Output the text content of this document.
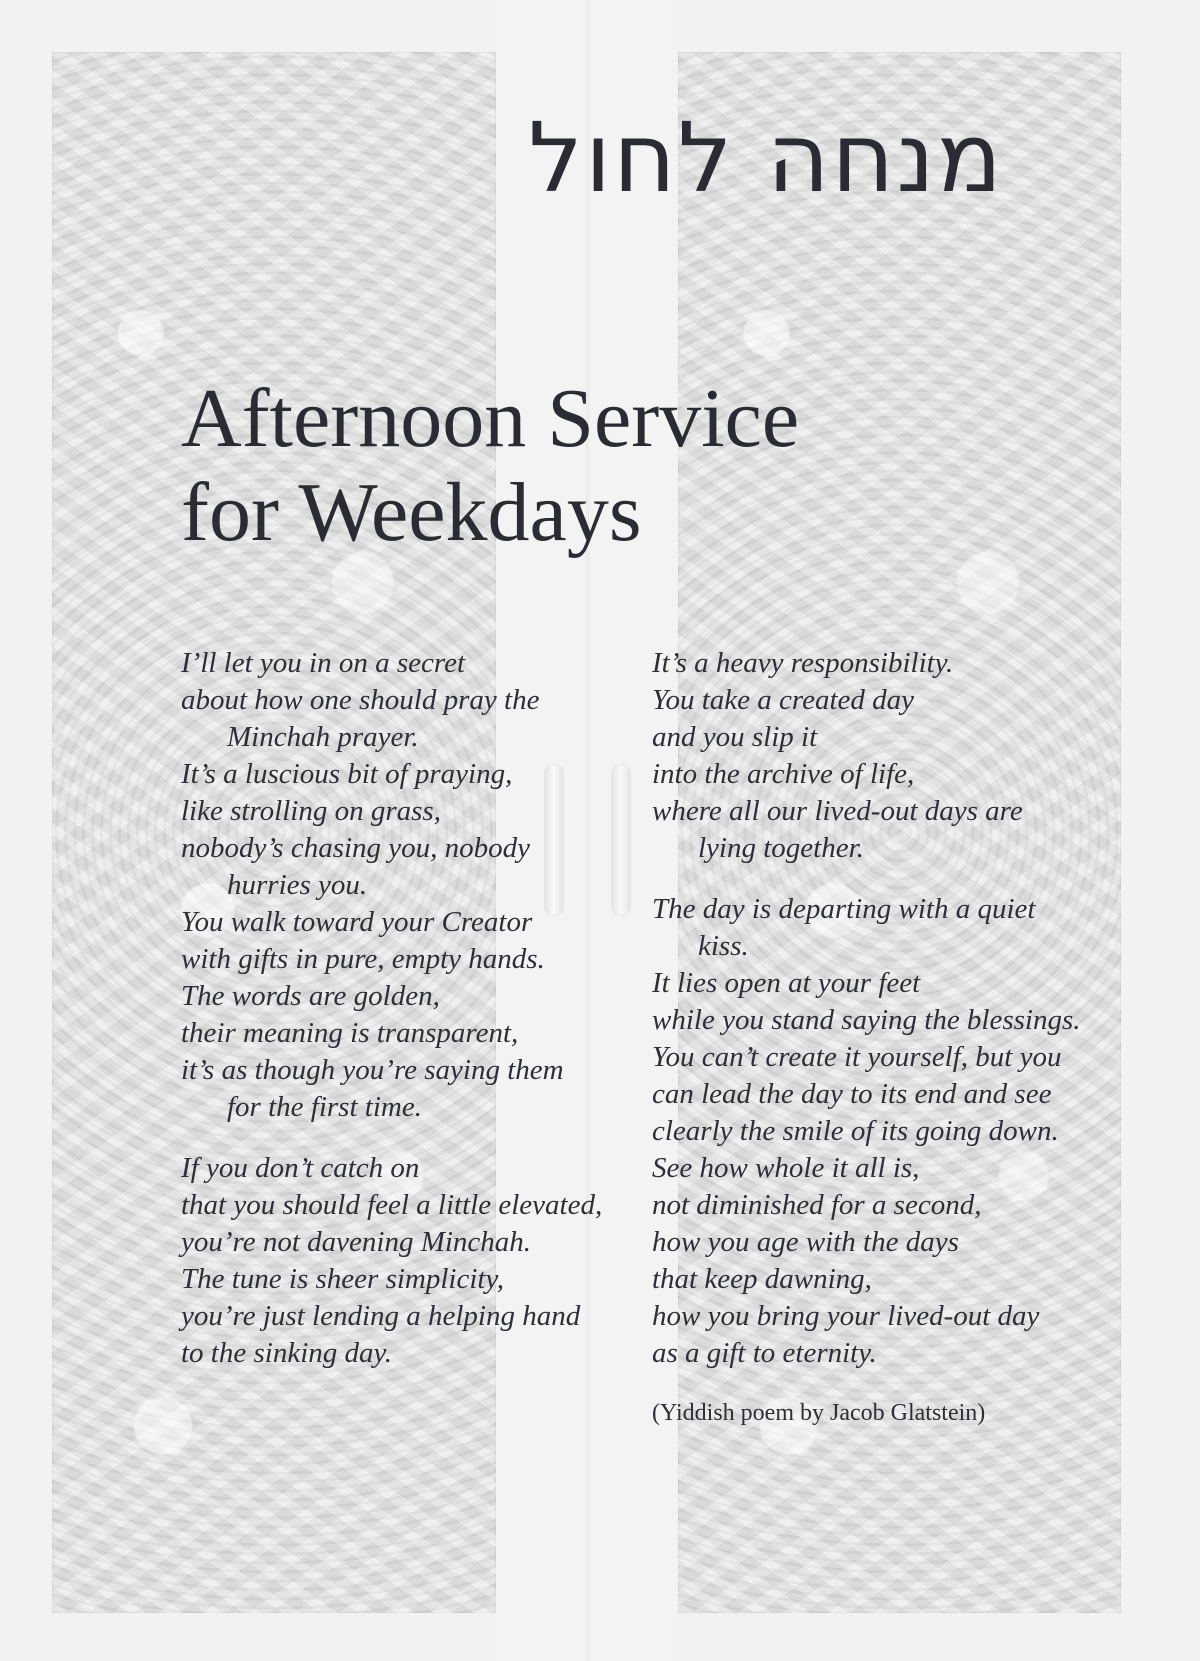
מנחה לחול
Afternoon Service
for Weekdays
I’ll let you in on a secret
about how one should pray the
Minchah prayer.
It’s a luscious bit of praying,
like strolling on grass,
nobody’s chasing you, nobody
hurries you.
You walk toward your Creator
with gifts in pure, empty hands.
The words are golden,
their meaning is transparent,
it’s as though you’re saying them
for the first time.
If you don’t catch on
that you should feel a little elevated,
you’re not davening Minchah.
The tune is sheer simplicity,
you’re just lending a helping hand
to the sinking day.
It’s a heavy responsibility.
You take a created day
and you slip it
into the archive of life,
where all our lived-out days are
lying together.
The day is departing with a quiet
kiss.
It lies open at your feet
while you stand saying the blessings.
You can’t create it yourself, but you
can lead the day to its end and see
clearly the smile of its going down.
See how whole it all is,
not diminished for a second,
how you age with the days
that keep dawning,
how you bring your lived-out day
as a gift to eternity.
(Yiddish poem by Jacob Glatstein)
